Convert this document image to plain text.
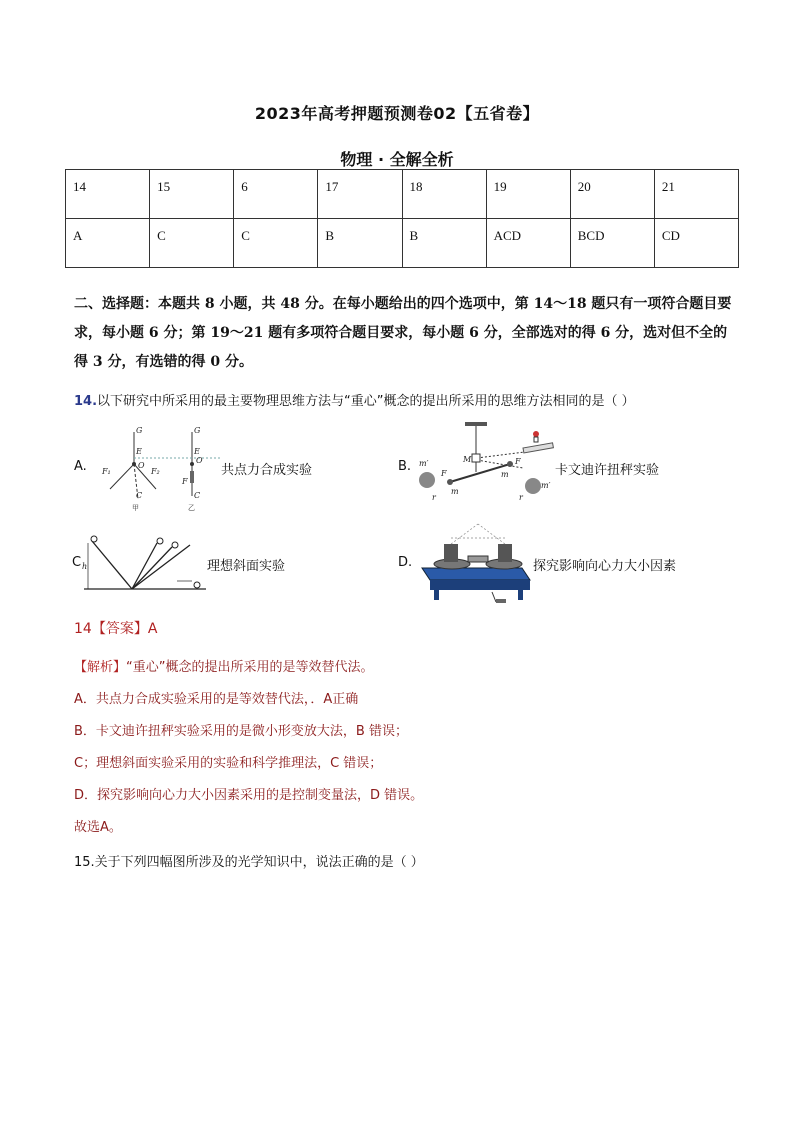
2023年高考押题预测卷02【五省卷】
物理 · 全解全析
14	15	6	17	18	19	20	21
A	C	C	B	B	ACD	BCD	CD
二、选择题：本题共 8 小题，共 48 分。在每小题给出的四个选项中，第 14～18 题只有一项符合题目要求，每小题 6 分；第 19～21 题有多项符合题目要求，每小题 6 分，全部选对的得 6 分，选对但不全的得 3 分，有选错的得 0 分。
14.以下研究中所采用的最主要物理思维方法与“重心”概念的提出所采用的思维方法相同的是（ ）
A.
G
E
O
F₁	F₂
C
G
E
O
F
C
甲	乙
共点力合成实验	B.	M
m′
m′
m
m
F
F
r	r
卡文迪许扭秤实验
C h	理想斜面实验	D.	探究影响向心力大小因素
14【答案】A
【解析】“重心”概念的提出所采用的是等效替代法。
A．共点力合成实验采用的是等效替代法，．A正确
B．卡文迪许扭秤实验采用的是微小形变放大法，B 错误；
C；理想斜面实验采用的实验和科学推理法，C 错误；
D．探究影响向心力大小因素采用的是控制变量法，D 错误。
故选A。
15.关于下列四幅图所涉及的光学知识中，说法正确的是（ ）
